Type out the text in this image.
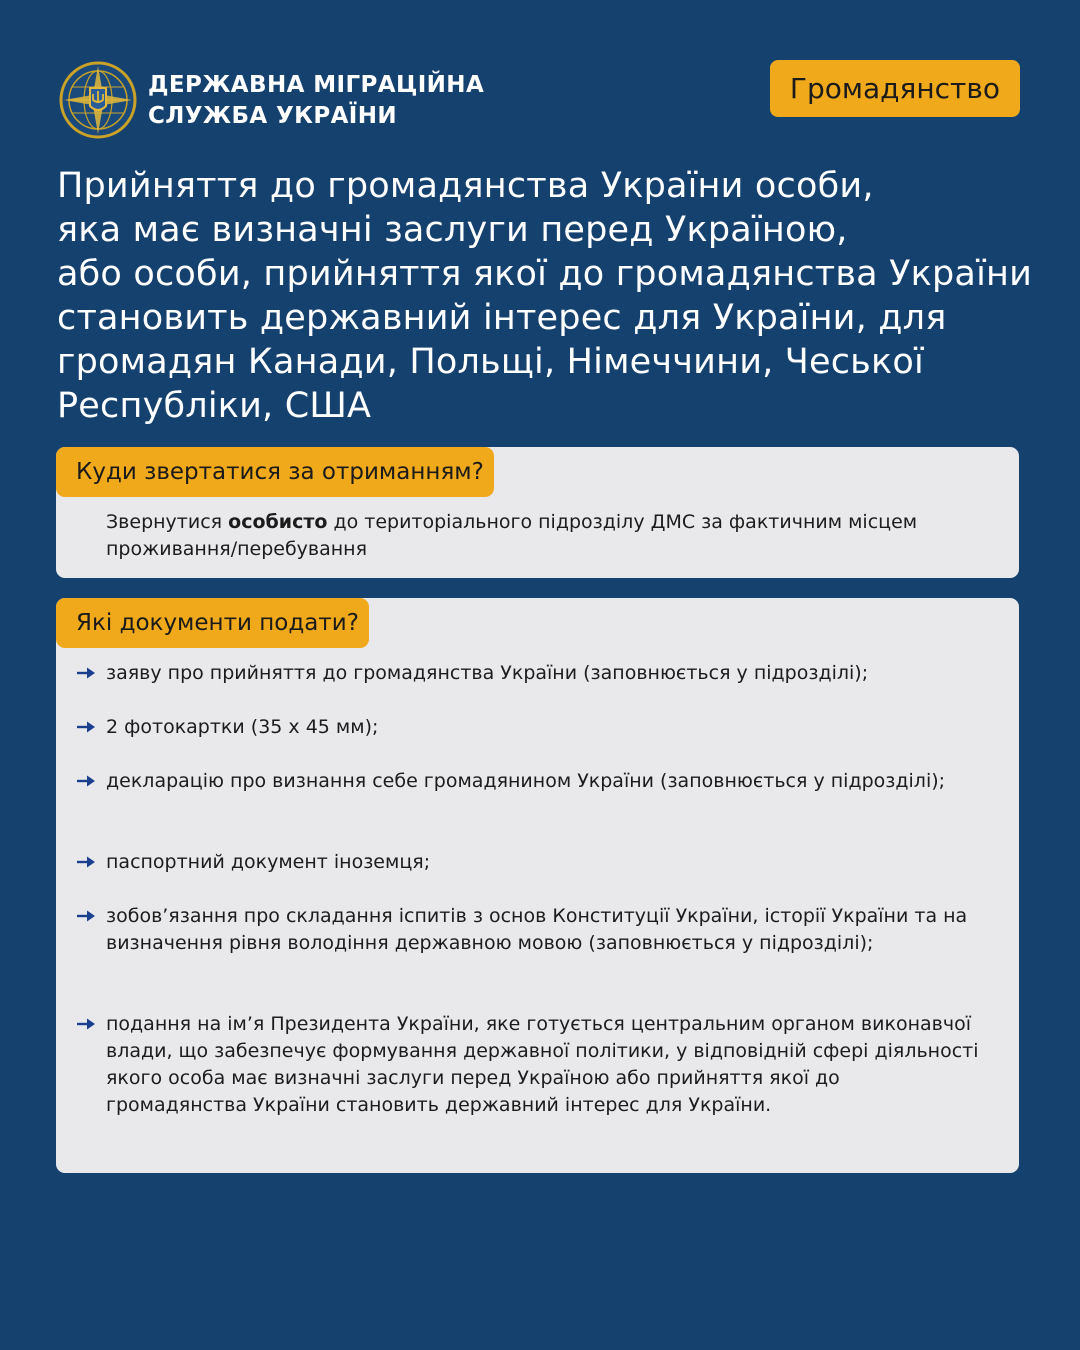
ДЕРЖАВНА МІГРАЦІЙНА
СЛУЖБА УКРАЇНИ
Громадянство
Прийняття до громадянства України особи,
яка має визначні заслуги перед Україною,
або особи, прийняття якої до громадянства України
становить державний інтерес для України, для
громадян Канади, Польщі, Німеччини, Чеської
Республіки, США
Куди звертатися за отриманням?
Звернутися особисто до територіального підрозділу ДМС за фактичним місцем проживання/перебування
Які документи подати?
заяву про прийняття до громадянства України (заповнюється у підрозділі);
2 фотокартки (35 х 45 мм);
декларацію про визнання себе громадянином України (заповнюється у підрозділі);
паспортний документ іноземця;
зобов’язання про складання іспитів з основ Конституції України, історії України та на визначення рівня володіння державною мовою (заповнюється у підрозділі);
подання на ім’я Президента України, яке готується центральним органом виконавчої влади, що забезпечує формування державної політики, у відповідній сфері діяльності якого особа має визначні заслуги перед Україною або прийняття якої до громадянства України становить державний інтерес для України.
